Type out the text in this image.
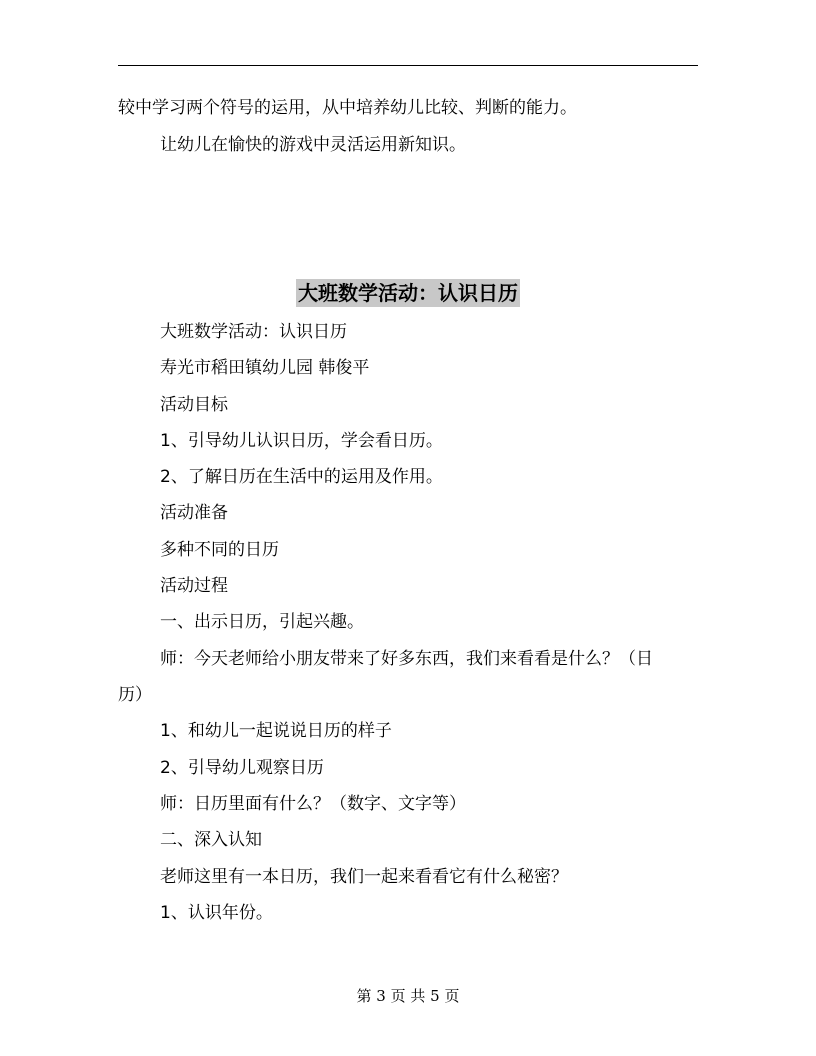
较中学习两个符号的运用，从中培养幼儿比较、判断的能力。
让幼儿在愉快的游戏中灵活运用新知识。
大班数学活动：认识日历
大班数学活动：认识日历
寿光市稻田镇幼儿园 韩俊平
活动目标
1、引导幼儿认识日历，学会看日历。
2、了解日历在生活中的运用及作用。
活动准备
多种不同的日历
活动过程
一、出示日历，引起兴趣。
师：今天老师给小朋友带来了好多东西，我们来看看是什么？（日
历）
1、和幼儿一起说说日历的样子
2、引导幼儿观察日历
师：日历里面有什么？（数字、文字等）
二、深入认知
老师这里有一本日历，我们一起来看看它有什么秘密？
1、认识年份。
第 3 页 共 5 页
